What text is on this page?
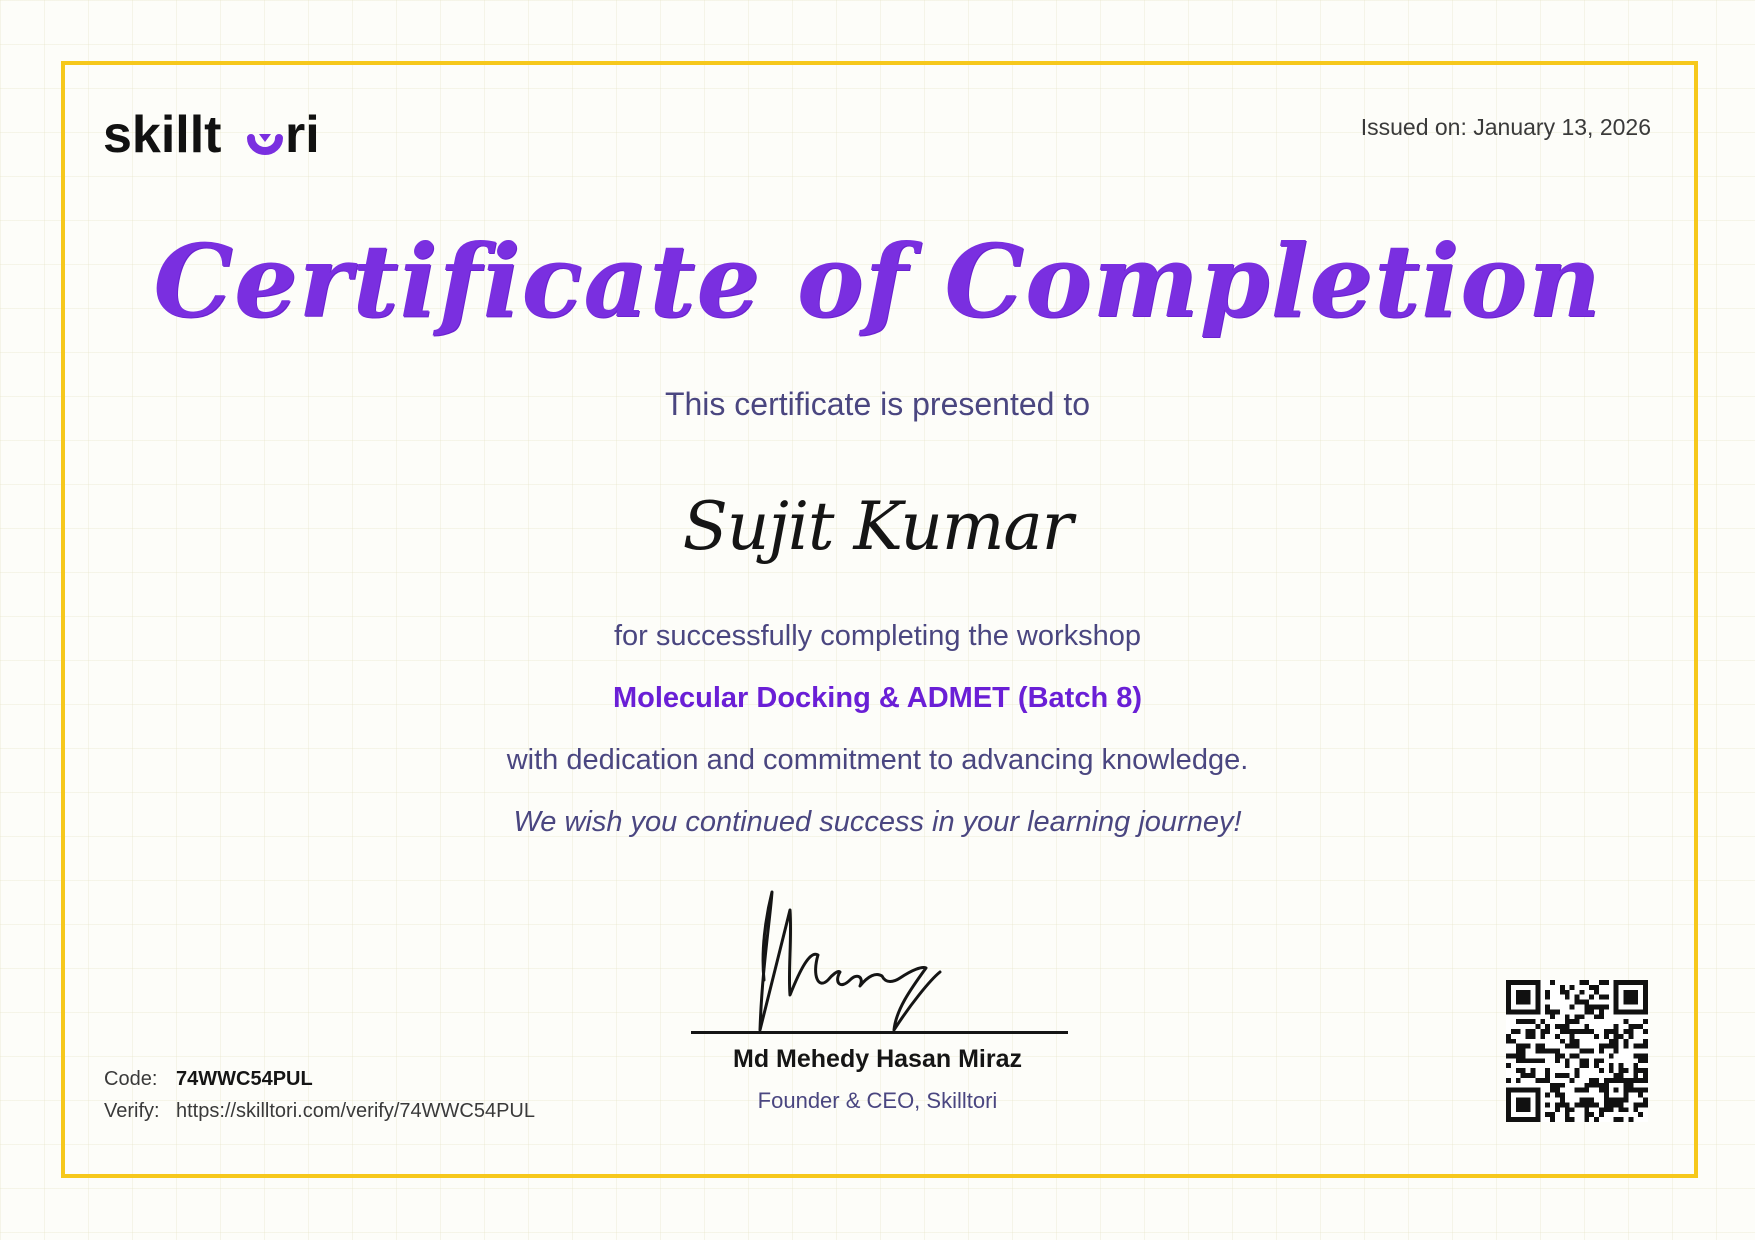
skillt ri	Issued on: January 13, 2026
Certificate of Completion
This certificate is presented to
Sujit Kumar
for successfully completing the workshop
Molecular Docking & ADMET (Batch 8)
with dedication and commitment to advancing knowledge.
We wish you continued success in your learning journey!
Md Mehedy Hasan Miraz
Founder & CEO, Skilltori
Code: 74WWC54PUL
Verify: https://skilltori.com/verify/74WWC54PUL
